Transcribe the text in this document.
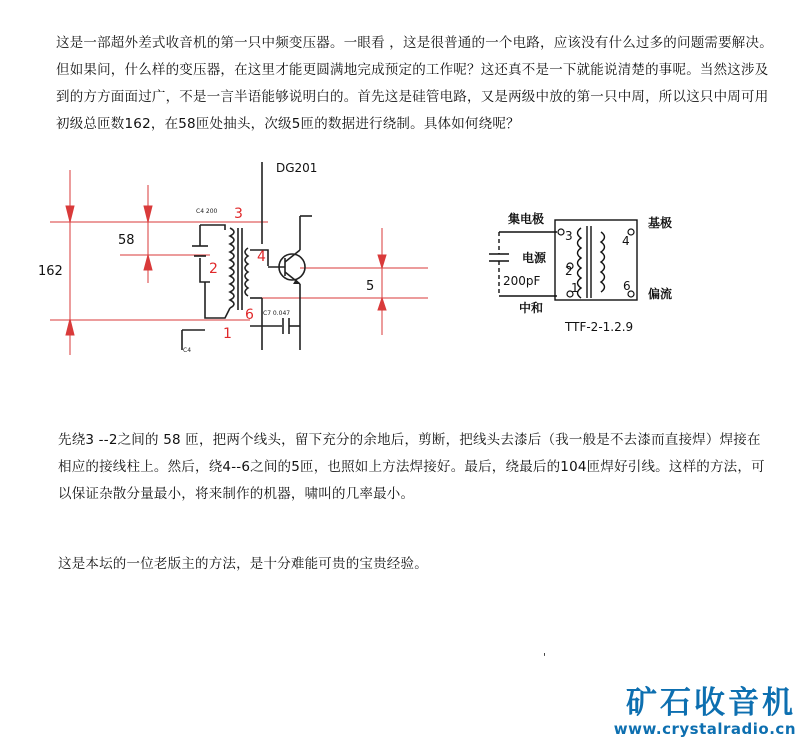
这是一部超外差式收音机的第一只中频变压器。一眼看 ，这是很普通的一个电路，应该没有什么过多的问题需要解决。但如果问，什么样的变压器，在这里才能更圆满地完成预定的工作呢？这还真不是一下就能说清楚的事呢。当然这涉及到的方方面面过广，不是一言半语能够说明白的。首先这是硅管电路，又是两级中放的第一只中周，所以这只中周可用初级总匝数162，在58匝处抽头，次级5匝的数据进行绕制。具体如何绕呢？
162
58
5
DG201
C4 200
C7 0.047
C4
3
2
4
6
1
3
2
1
4
6
集电极
电源
200pF
中和
基极
偏流
TTF-2-1.2.9
先绕3 --2之间的 58 匝，把两个线头，留下充分的余地后，剪断，把线头去漆后（我一般是不去漆而直接焊）焊接在相应的接线柱上。然后，绕4--6之间的5匝，也照如上方法焊接好。最后，绕最后的104匝焊好引线。这样的方法，可以保证杂散分量最小，将来制作的机器，啸叫的几率最小。
这是本坛的一位老版主的方法，是十分难能可贵的宝贵经验。
'
矿石收音机
www.crystalradio.cn
